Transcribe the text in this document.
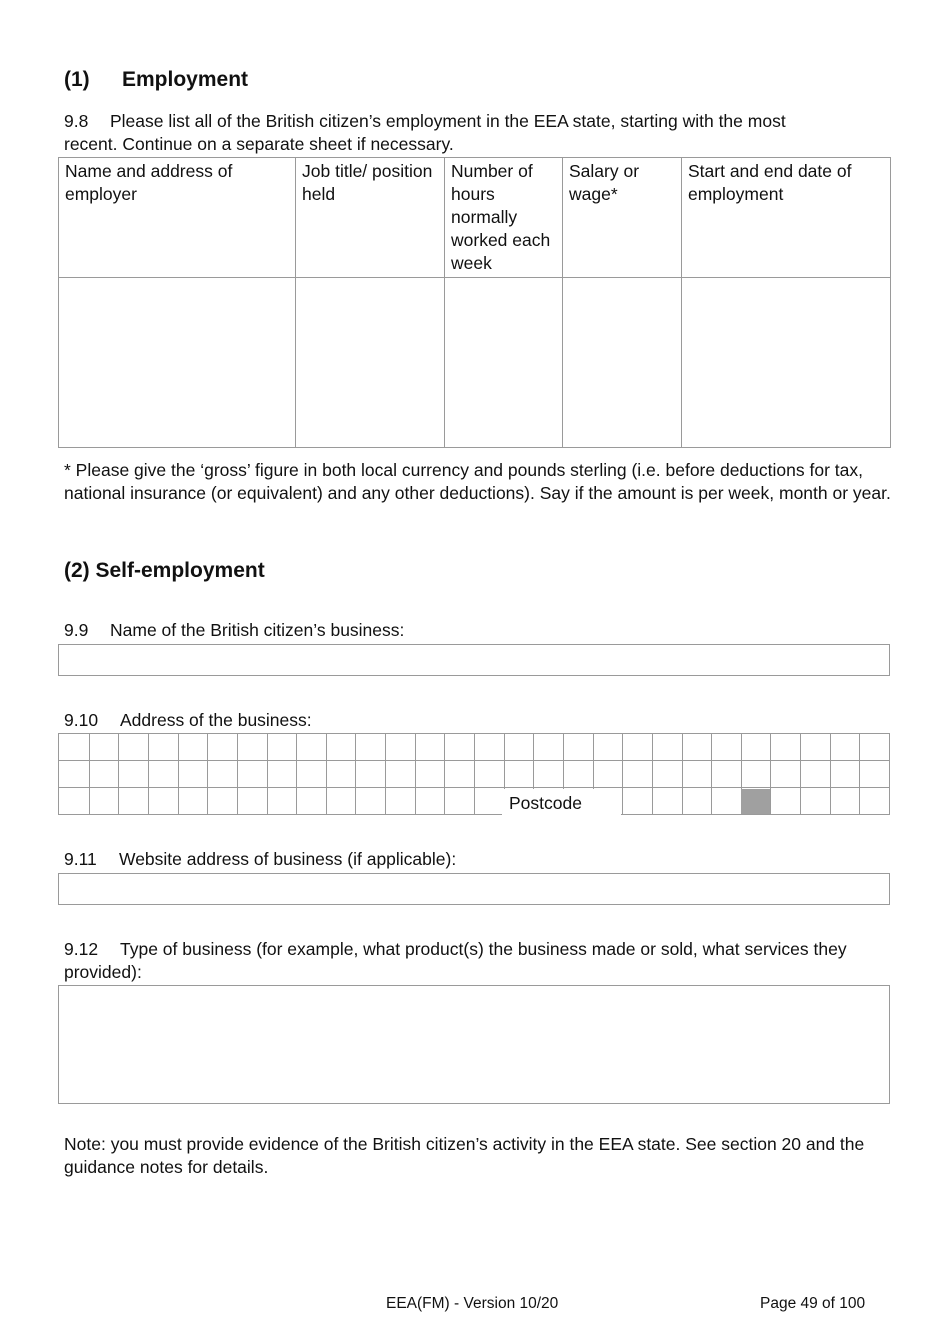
(1) Employment
9.8 Please list all of the British citizen’s employment in the EEA state, starting with the most
recent. Continue on a separate sheet if necessary.
Name and address of employer	Job title/ position held	Number of hours normally worked each week	Salary or wage*	Start and end date of employment

* Please give the ‘gross’ figure in both local currency and pounds sterling (i.e. before deductions for tax, national insurance (or equivalent) and any other deductions). Say if the amount is per week, month or year.
(2) Self-employment
9.9 Name of the British citizen’s business:
9.10 Address of the business:
Postcode
9.11 Website address of business (if applicable):
9.12 Type of business (for example, what product(s) the business made or sold, what services they provided):
Note: you must provide evidence of the British citizen’s activity in the EEA state. See section 20 and the guidance notes for details.
EEA(FM) - Version 10/20	Page 49 of 100
